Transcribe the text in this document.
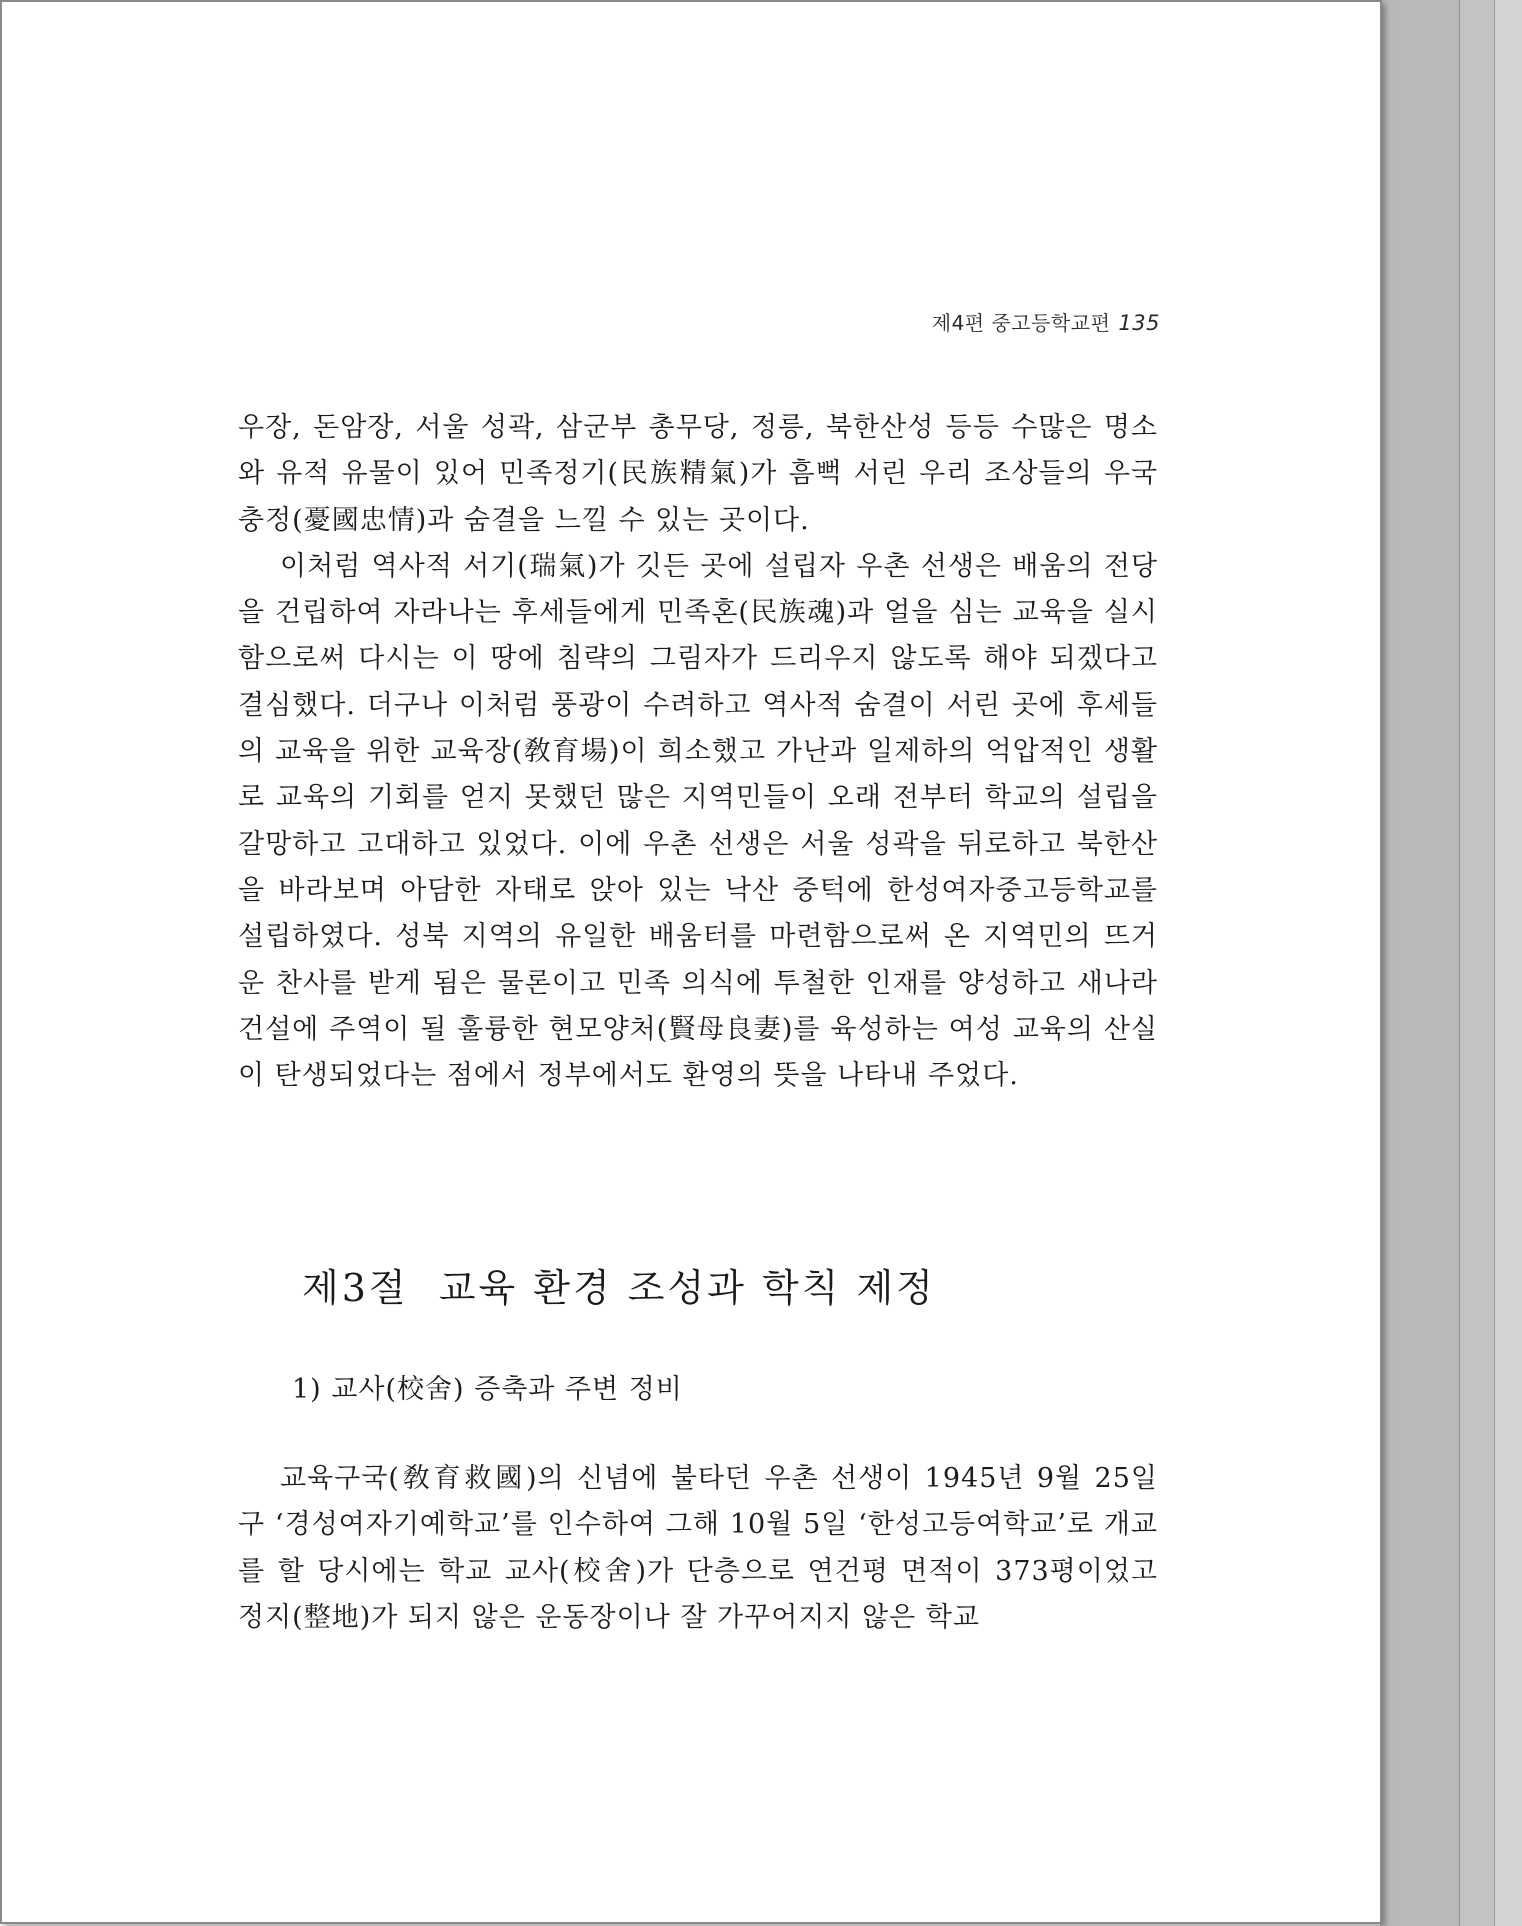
제4편 중고등학교편 135

우장, 돈암장, 서울 성곽, 삼군부 총무당, 정릉, 북한산성 등등 수많은 명소와 유적 유물이 있어 민족정기(民族精氣)가 흠뻑 서린 우리 조상들의 우국충정(憂國忠情)과 숨결을 느낄 수 있는 곳이다.

이처럼 역사적 서기(瑞氣)가 깃든 곳에 설립자 우촌 선생은 배움의 전당을 건립하여 자라나는 후세들에게 민족혼(民族魂)과 얼을 심는 교육을 실시함으로써 다시는 이 땅에 침략의 그림자가 드리우지 않도록 해야 되겠다고 결심했다. 더구나 이처럼 풍광이 수려하고 역사적 숨결이 서린 곳에 후세들의 교육을 위한 교육장(敎育場)이 희소했고 가난과 일제하의 억압적인 생활로 교육의 기회를 얻지 못했던 많은 지역민들이 오래 전부터 학교의 설립을 갈망하고 고대하고 있었다. 이에 우촌 선생은 서울 성곽을 뒤로하고 북한산을 바라보며 아담한 자태로 앉아 있는 낙산 중턱에 한성여자중고등학교를 설립하였다. 성북 지역의 유일한 배움터를 마련함으로써 온 지역민의 뜨거운 찬사를 받게 됨은 물론이고 민족 의식에 투철한 인재를 양성하고 새나라 건설에 주역이 될 훌륭한 현모양처(賢母良妻)를 육성하는 여성 교육의 산실이 탄생되었다는 점에서 정부에서도 환영의 뜻을 나타내 주었다.

제3절  교육 환경 조성과 학칙 제정
1) 교사(校舍) 증축과 주변 정비

교육구국(敎育救國)의 신념에 불타던 우촌 선생이 1945년 9월 25일 구 ‘경성여자기예학교’를 인수하여 그해 10월 5일 ‘한성고등여학교’로 개교를 할 당시에는 학교 교사(校舍)가 단층으로 연건평 면적이 373평이었고 정지(整地)가 되지 않은 운동장이나 잘 가꾸어지지 않은 학교
